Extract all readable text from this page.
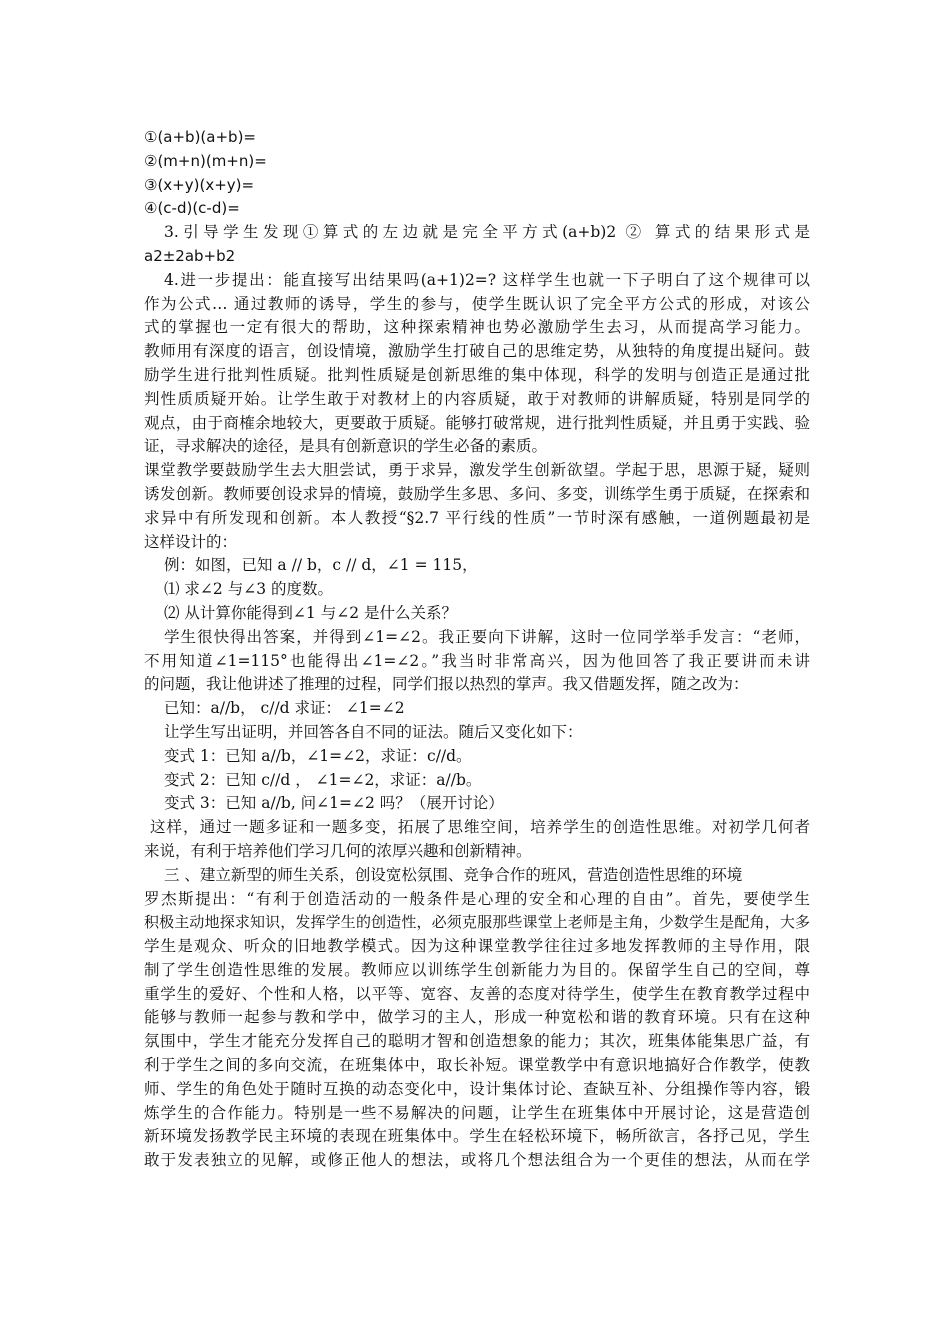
①(a+b)(a+b)=
②(m+n)(m+n)=
③(x+y)(x+y)=
④(c-d)(c-d)=
3.引导学生发现①算式的左边就是完全平方式(a+b)2 ② 算式的结果形式是
a2±2ab+b2
4.进一步提出：能直接写出结果吗(a+1)2=? 这样学生也就一下子明白了这个规律可以
作为公式… 通过教师的诱导，学生的参与，使学生既认识了完全平方公式的形成，对该公
式的掌握也一定有很大的帮助，这种探索精神也势必激励学生去习，从而提高学习能力。
教师用有深度的语言，创设情境，激励学生打破自己的思维定势，从独特的角度提出疑问。鼓
励学生进行批判性质疑。批判性质疑是创新思维的集中体现，科学的发明与创造正是通过批
判性质质疑开始。让学生敢于对教材上的内容质疑，敢于对教师的讲解质疑，特别是同学的
观点，由于商榷余地较大，更要敢于质疑。能够打破常规，进行批判性质疑，并且勇于实践、验
证，寻求解决的途径，是具有创新意识的学生必备的素质。
课堂教学要鼓励学生去大胆尝试，勇于求异，激发学生创新欲望。学起于思，思源于疑，疑则
诱发创新。教师要创设求异的情境，鼓励学生多思、多问、多变，训练学生勇于质疑，在探索和
求异中有所发现和创新。本人教授“§2.7 平行线的性质”一节时深有感触，一道例题最初是
这样设计的：
例：如图，已知 a // b，c // d，∠1 = 115，
⑴ 求∠2 与∠3 的度数。
⑵ 从计算你能得到∠1 与∠2 是什么关系？
学生很快得出答案，并得到∠1=∠2。我正要向下讲解，这时一位同学举手发言：“老师，
不用知道∠1=115°也能得出∠1=∠2。”我当时非常高兴，因为他回答了我正要讲而未讲
的问题，我让他讲述了推理的过程，同学们报以热烈的掌声。我又借题发挥，随之改为：
已知：a//b， c//d 求证： ∠1=∠2
让学生写出证明，并回答各自不同的证法。随后又变化如下：
变式 1：已知 a//b，∠1=∠2，求证：c//d。
变式 2：已知 c//d ， ∠1=∠2，求证：a//b。
变式 3：已知 a//b, 问∠1=∠2 吗？（展开讨论）
这样，通过一题多证和一题多变，拓展了思维空间，培养学生的创造性思维。对初学几何者
来说，有利于培养他们学习几何的浓厚兴趣和创新精神。
三 、建立新型的师生关系，创设宽松氛围、竞争合作的班风，营造创造性思维的环境
罗杰斯提出：“有利于创造活动的一般条件是心理的安全和心理的自由”。首先，要使学生
积极主动地探求知识，发挥学生的创造性，必须克服那些课堂上老师是主角，少数学生是配角，大多
学生是观众、听众的旧地教学模式。因为这种课堂教学往往过多地发挥教师的主导作用，限
制了学生创造性思维的发展。教师应以训练学生创新能力为目的。保留学生自己的空间，尊
重学生的爱好、个性和人格，以平等、宽容、友善的态度对待学生，使学生在教育教学过程中
能够与教师一起参与教和学中，做学习的主人，形成一种宽松和谐的教育环境。只有在这种
氛围中，学生才能充分发挥自己的聪明才智和创造想象的能力；其次，班集体能集思广益，有
利于学生之间的多向交流，在班集体中，取长补短。课堂教学中有意识地搞好合作教学，使教
师、学生的角色处于随时互换的动态变化中，设计集体讨论、查缺互补、分组操作等内容，锻
炼学生的合作能力。特别是一些不易解决的问题，让学生在班集体中开展讨论，这是营造创
新环境发扬教学民主环境的表现在班集体中。学生在轻松环境下，畅所欲言，各抒己见，学生
敢于发表独立的见解，或修正他人的想法，或将几个想法组合为一个更佳的想法，从而在学
